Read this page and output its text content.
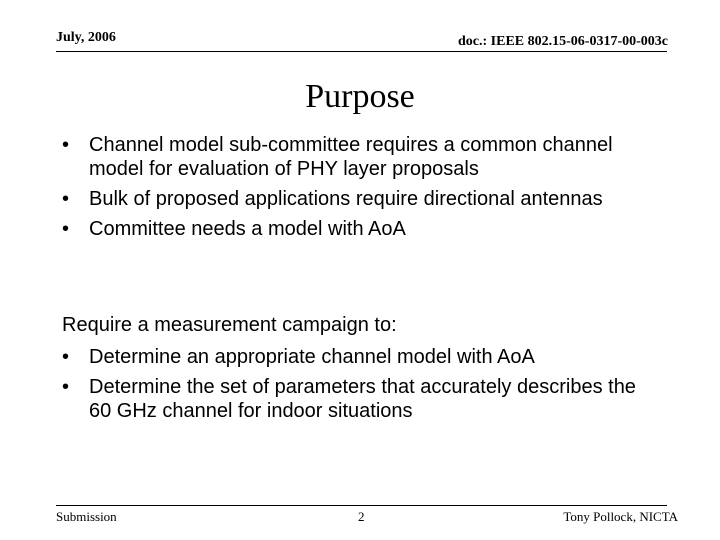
July, 2006	doc.: IEEE 802.15-06-0317-00-003c
Purpose
• Channel model sub-committee requires a common channel model for evaluation of PHY layer proposals
• Bulk of proposed applications require directional antennas
• Committee needs a model with AoA
Require a measurement campaign to:
• Determine an appropriate channel model with AoA
• Determine the set of parameters that accurately describes the 60 GHz channel for indoor situations
Submission	2	Tony Pollock, NICTA
